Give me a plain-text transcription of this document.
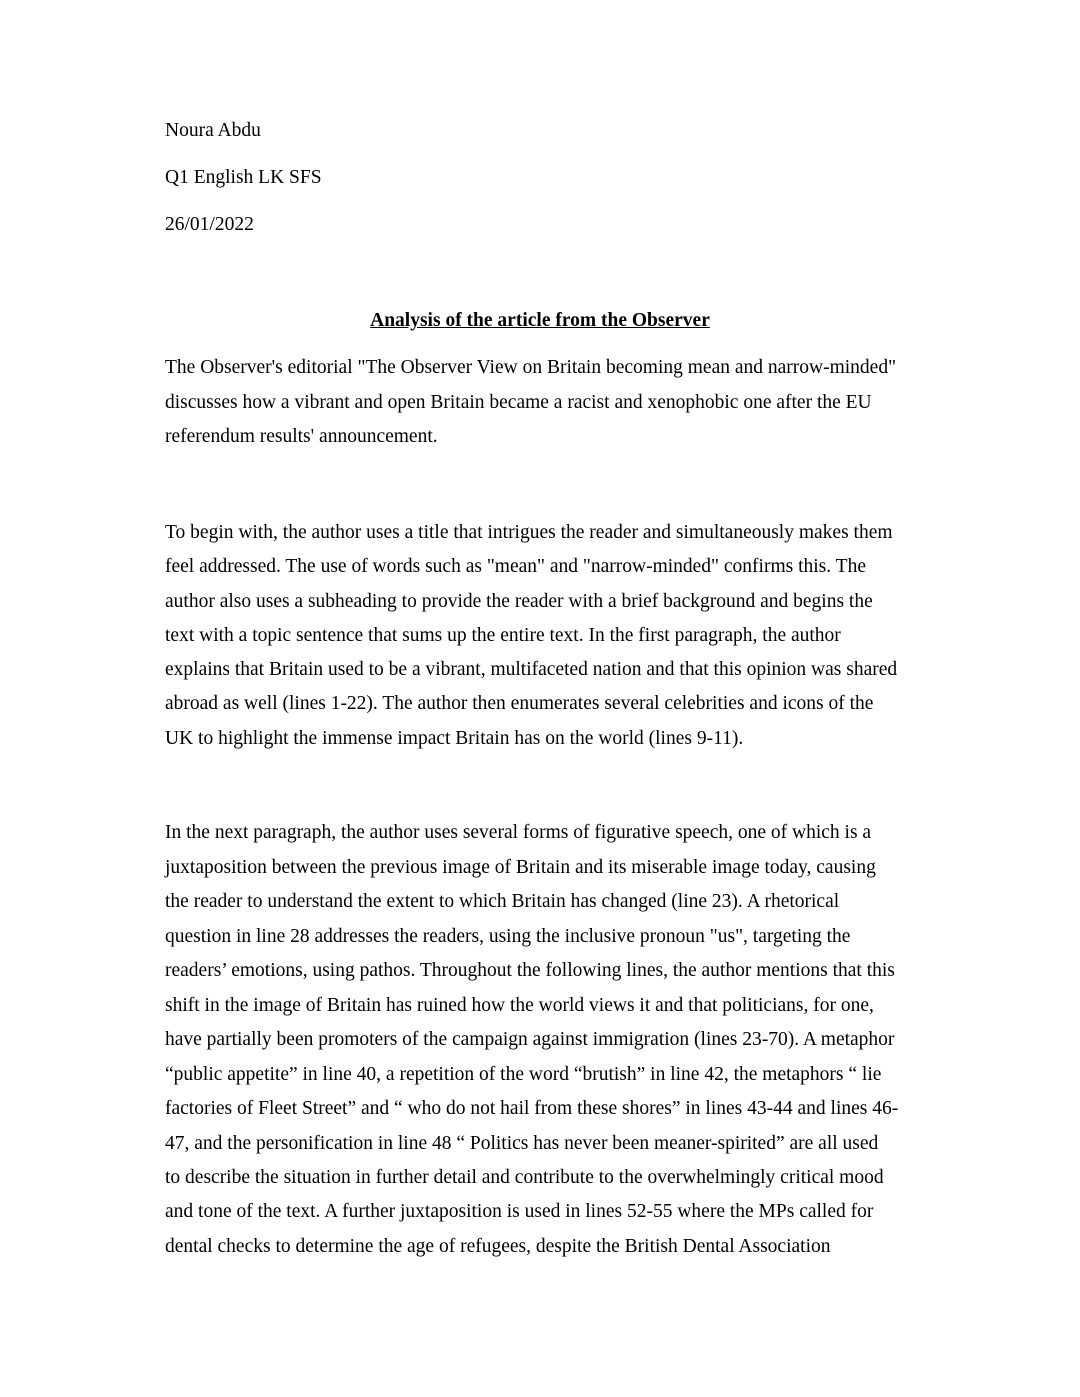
Noura Abdu
Q1 English LK SFS
26/01/2022
Analysis of the article from the Observer
The Observer's editorial "The Observer View on Britain becoming mean and narrow-minded"
discusses how a vibrant and open Britain became a racist and xenophobic one after the EU
referendum results' announcement.
To begin with, the author uses a title that intrigues the reader and simultaneously makes them
feel addressed. The use of words such as "mean" and "narrow-minded" confirms this. The
author also uses a subheading to provide the reader with a brief background and begins the
text with a topic sentence that sums up the entire text. In the first paragraph, the author
explains that Britain used to be a vibrant, multifaceted nation and that this opinion was shared
abroad as well (lines 1-22). The author then enumerates several celebrities and icons of the
UK to highlight the immense impact Britain has on the world (lines 9-11).
In the next paragraph, the author uses several forms of figurative speech, one of which is a
juxtaposition between the previous image of Britain and its miserable image today, causing
the reader to understand the extent to which Britain has changed (line 23). A rhetorical
question in line 28 addresses the readers, using the inclusive pronoun "us", targeting the
readers’ emotions, using pathos. Throughout the following lines, the author mentions that this
shift in the image of Britain has ruined how the world views it and that politicians, for one,
have partially been promoters of the campaign against immigration (lines 23-70). A metaphor
“public appetite” in line 40, a repetition of the word “brutish” in line 42, the metaphors “ lie
factories of Fleet Street” and “ who do not hail from these shores” in lines 43-44 and lines 46-
47, and the personification in line 48 “ Politics has never been meaner-spirited” are all used
to describe the situation in further detail and contribute to the overwhelmingly critical mood
and tone of the text. A further juxtaposition is used in lines 52-55 where the MPs called for
dental checks to determine the age of refugees, despite the British Dental Association
